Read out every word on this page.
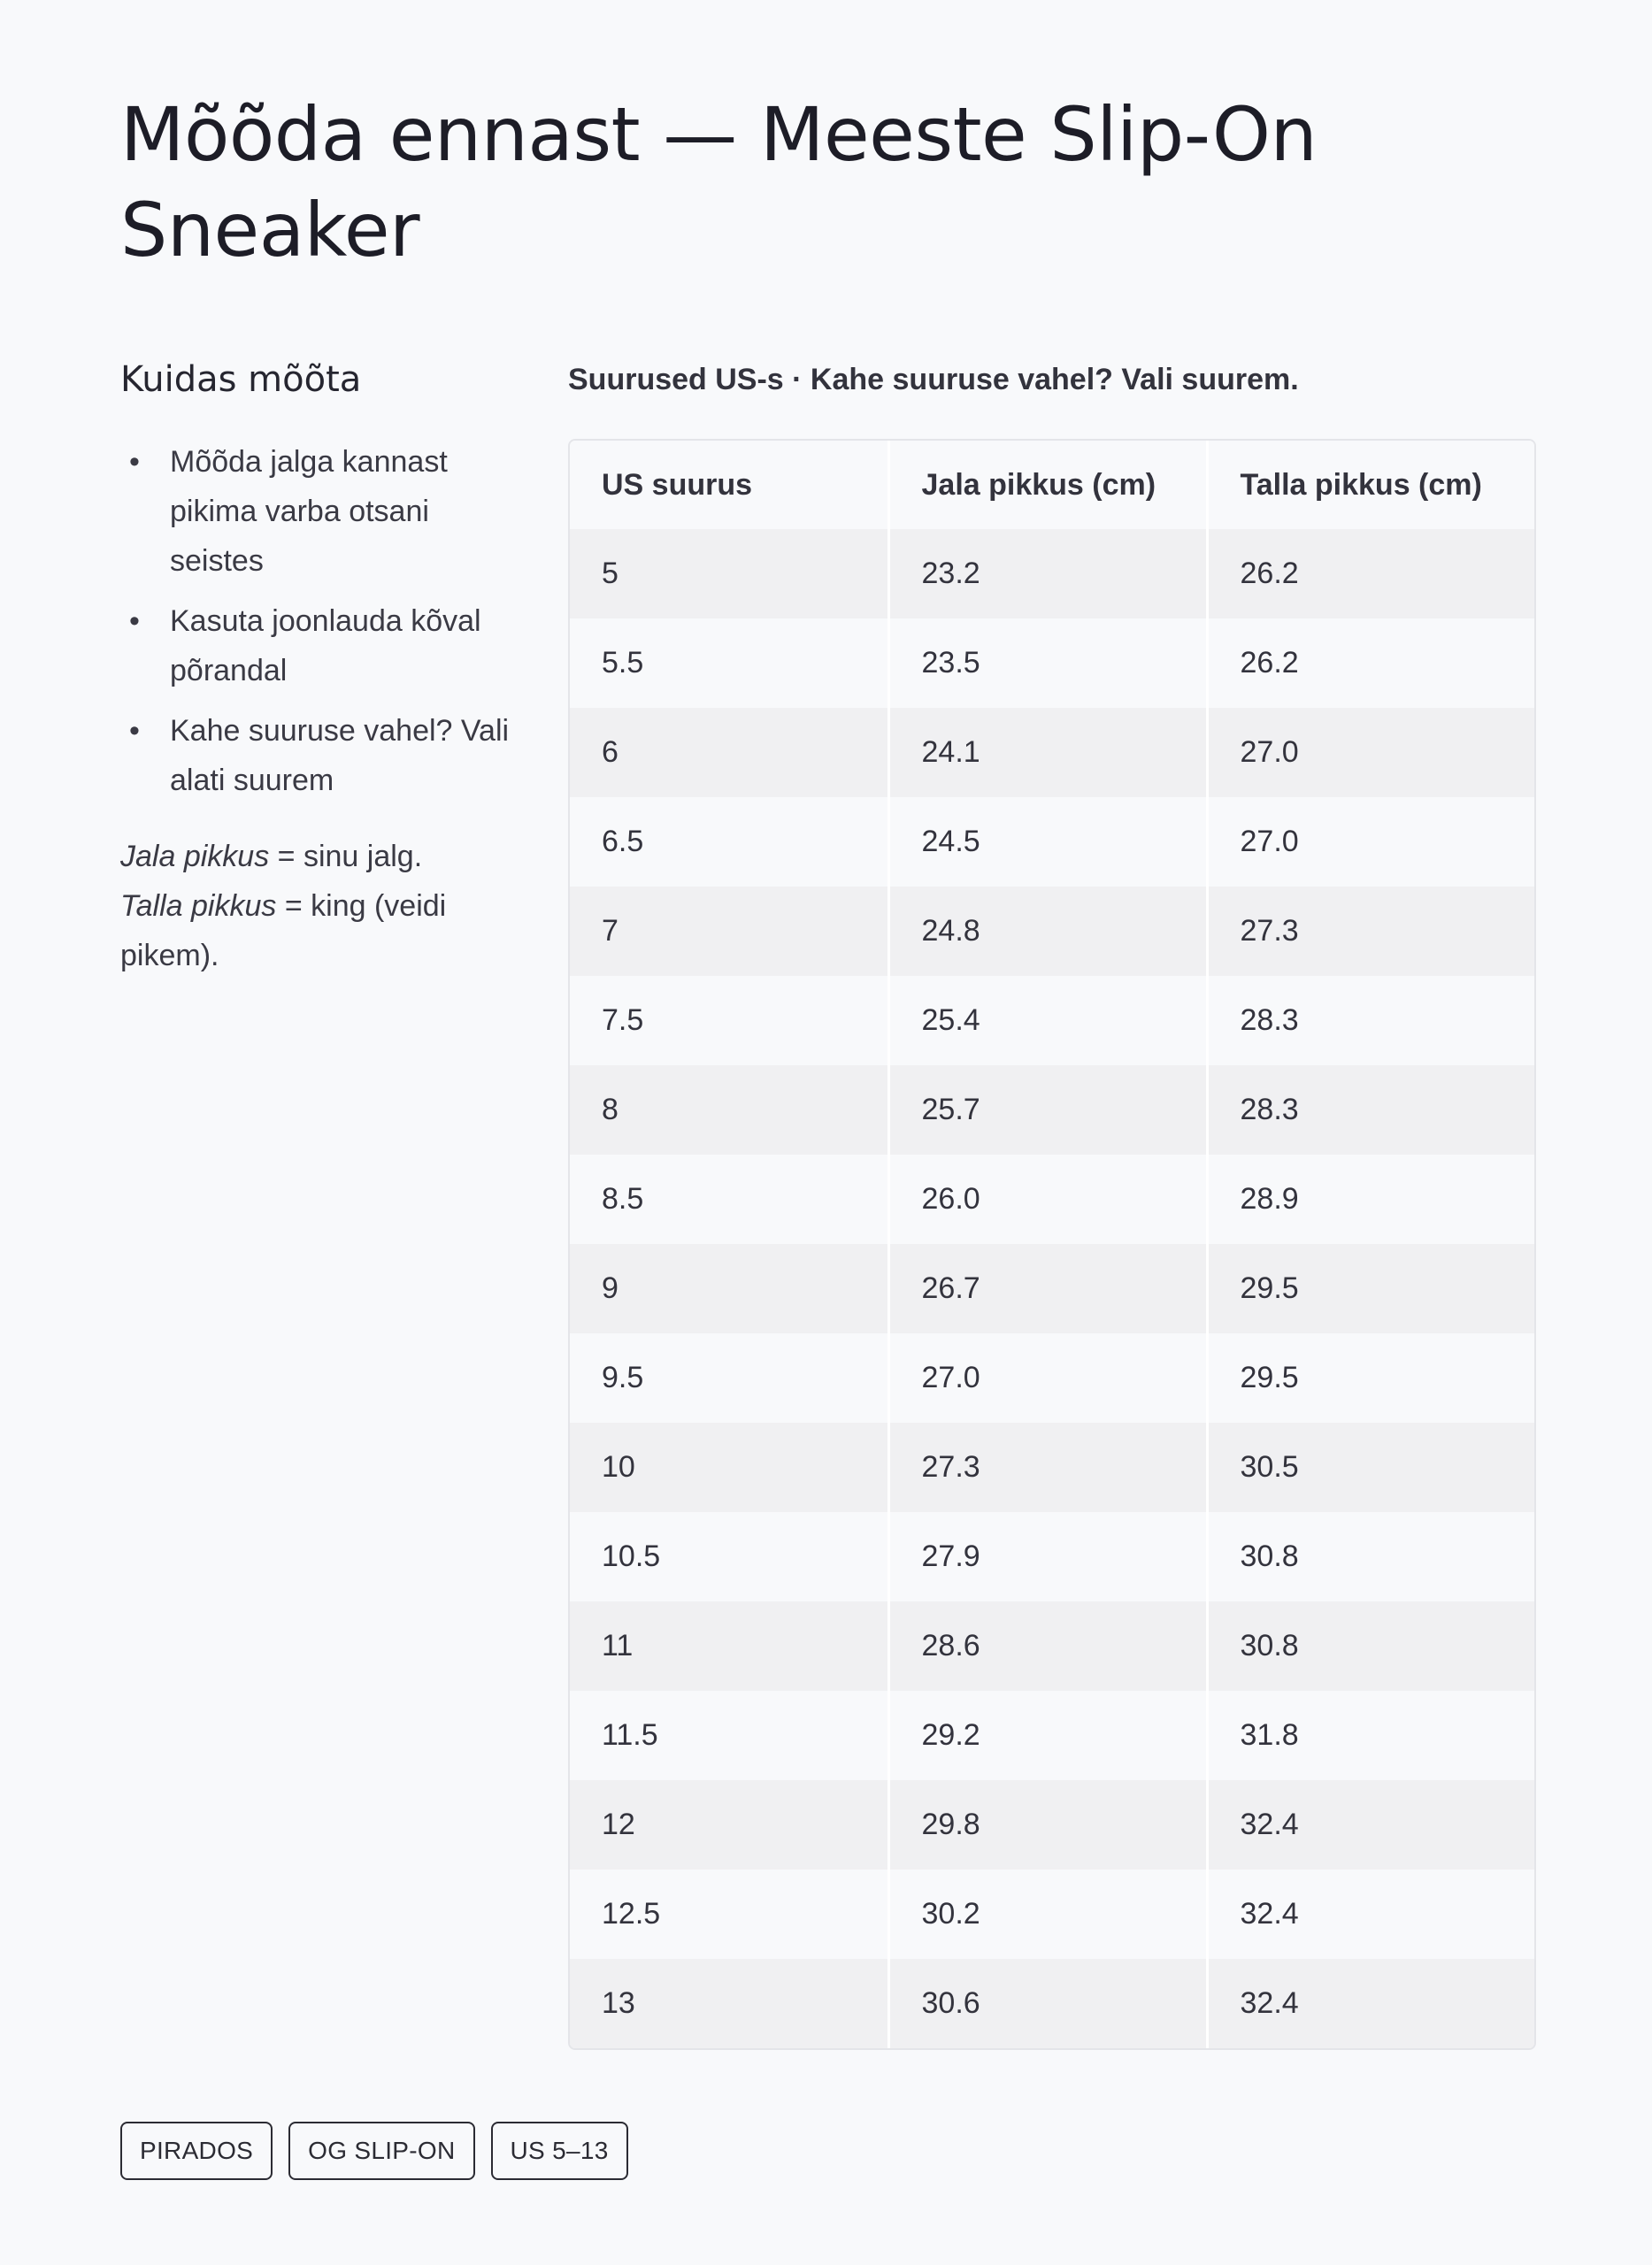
Mõõda ennast — Meeste Slip-On Sneaker
Kuidas mõõta
• Mõõda jalga kannast pikima varba otsani seistes
• Kasuta joonlauda kõval põrandal
• Kahe suuruse vahel? Vali alati suurem

Jala pikkus = sinu jalg.
Talla pikkus = king (veidi pikem).

Suurused US-s · Kahe suuruse vahel? Vali suurem.

US suurus	Jala pikkus (cm)	Talla pikkus (cm)
5	23.2	26.2
5.5	23.5	26.2
6	24.1	27.0
6.5	24.5	27.0
7	24.8	27.3
7.5	25.4	28.3
8	25.7	28.3
8.5	26.0	28.9
9	26.7	29.5
9.5	27.0	29.5
10	27.3	30.5
10.5	27.9	30.8
11	28.6	30.8
11.5	29.2	31.8
12	29.8	32.4
12.5	30.2	32.4
13	30.6	32.4
PIRADOS	OG SLIP-ON	US 5–13
